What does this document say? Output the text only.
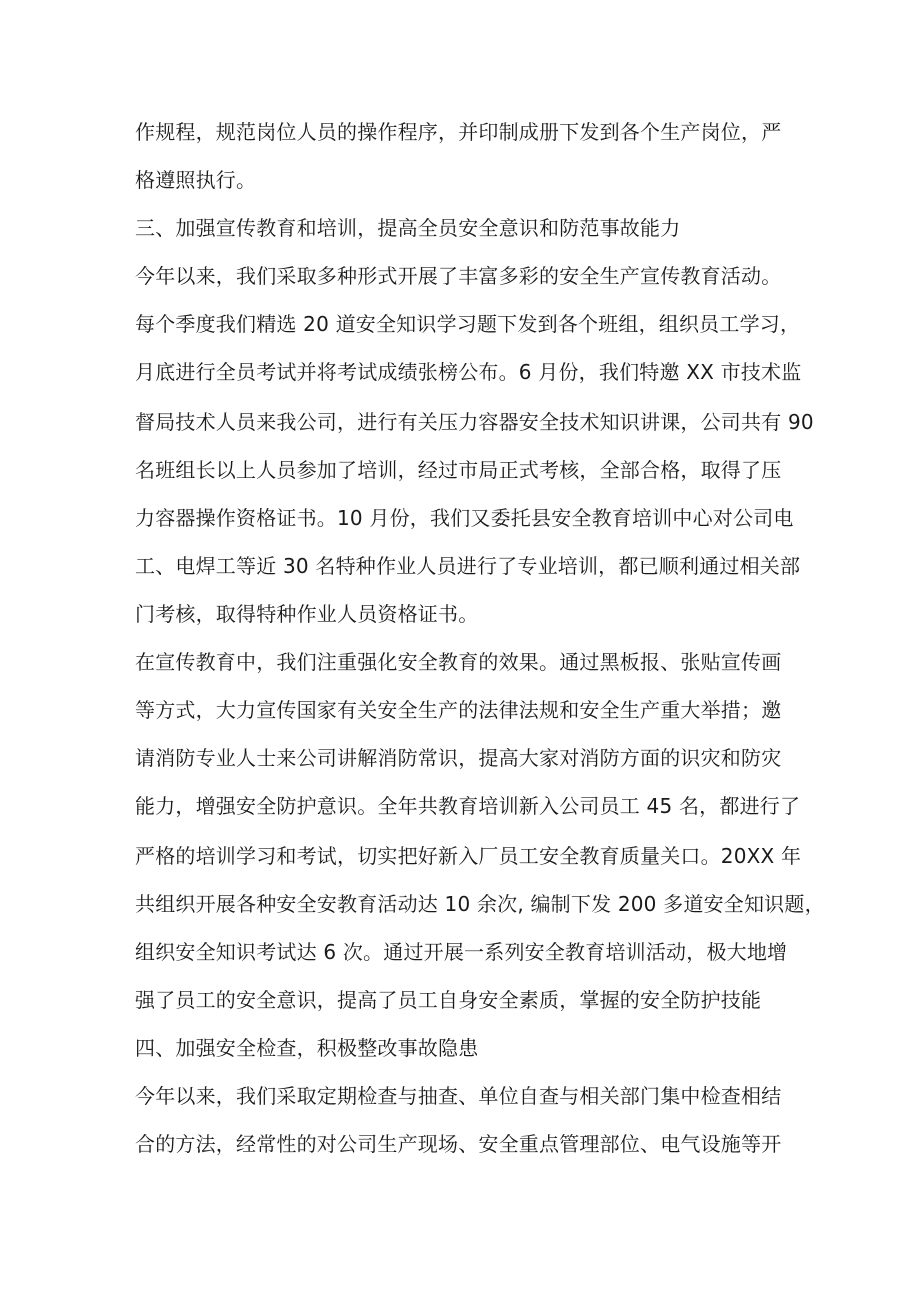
作规程，规范岗位人员的操作程序，并印制成册下发到各个生产岗位，严
格遵照执行。
三、加强宣传教育和培训，提高全员安全意识和防范事故能力
今年以来，我们采取多种形式开展了丰富多彩的安全生产宣传教育活动。
每个季度我们精选 20 道安全知识学习题下发到各个班组，组织员工学习，
月底进行全员考试并将考试成绩张榜公布。6 月份，我们特邀 XX 市技术监
督局技术人员来我公司，进行有关压力容器安全技术知识讲课，公司共有 90
名班组长以上人员参加了培训，经过市局正式考核，全部合格，取得了压
力容器操作资格证书。10 月份，我们又委托县安全教育培训中心对公司电
工、电焊工等近 30 名特种作业人员进行了专业培训，都已顺利通过相关部
门考核，取得特种作业人员资格证书。
在宣传教育中，我们注重强化安全教育的效果。通过黑板报、张贴宣传画
等方式，大力宣传国家有关安全生产的法律法规和安全生产重大举措；邀
请消防专业人士来公司讲解消防常识，提高大家对消防方面的识灾和防灾
能力，增强安全防护意识。全年共教育培训新入公司员工 45 名，都进行了
严格的培训学习和考试，切实把好新入厂员工安全教育质量关口。20XX 年
共组织开展各种安全安教育活动达 10 余次, 编制下发 200 多道安全知识题，
组织安全知识考试达 6 次。通过开展一系列安全教育培训活动，极大地增
强了员工的安全意识，提高了员工自身安全素质，掌握的安全防护技能
四、加强安全检查，积极整改事故隐患
今年以来，我们采取定期检查与抽查、单位自查与相关部门集中检查相结
合的方法，经常性的对公司生产现场、安全重点管理部位、电气设施等开
